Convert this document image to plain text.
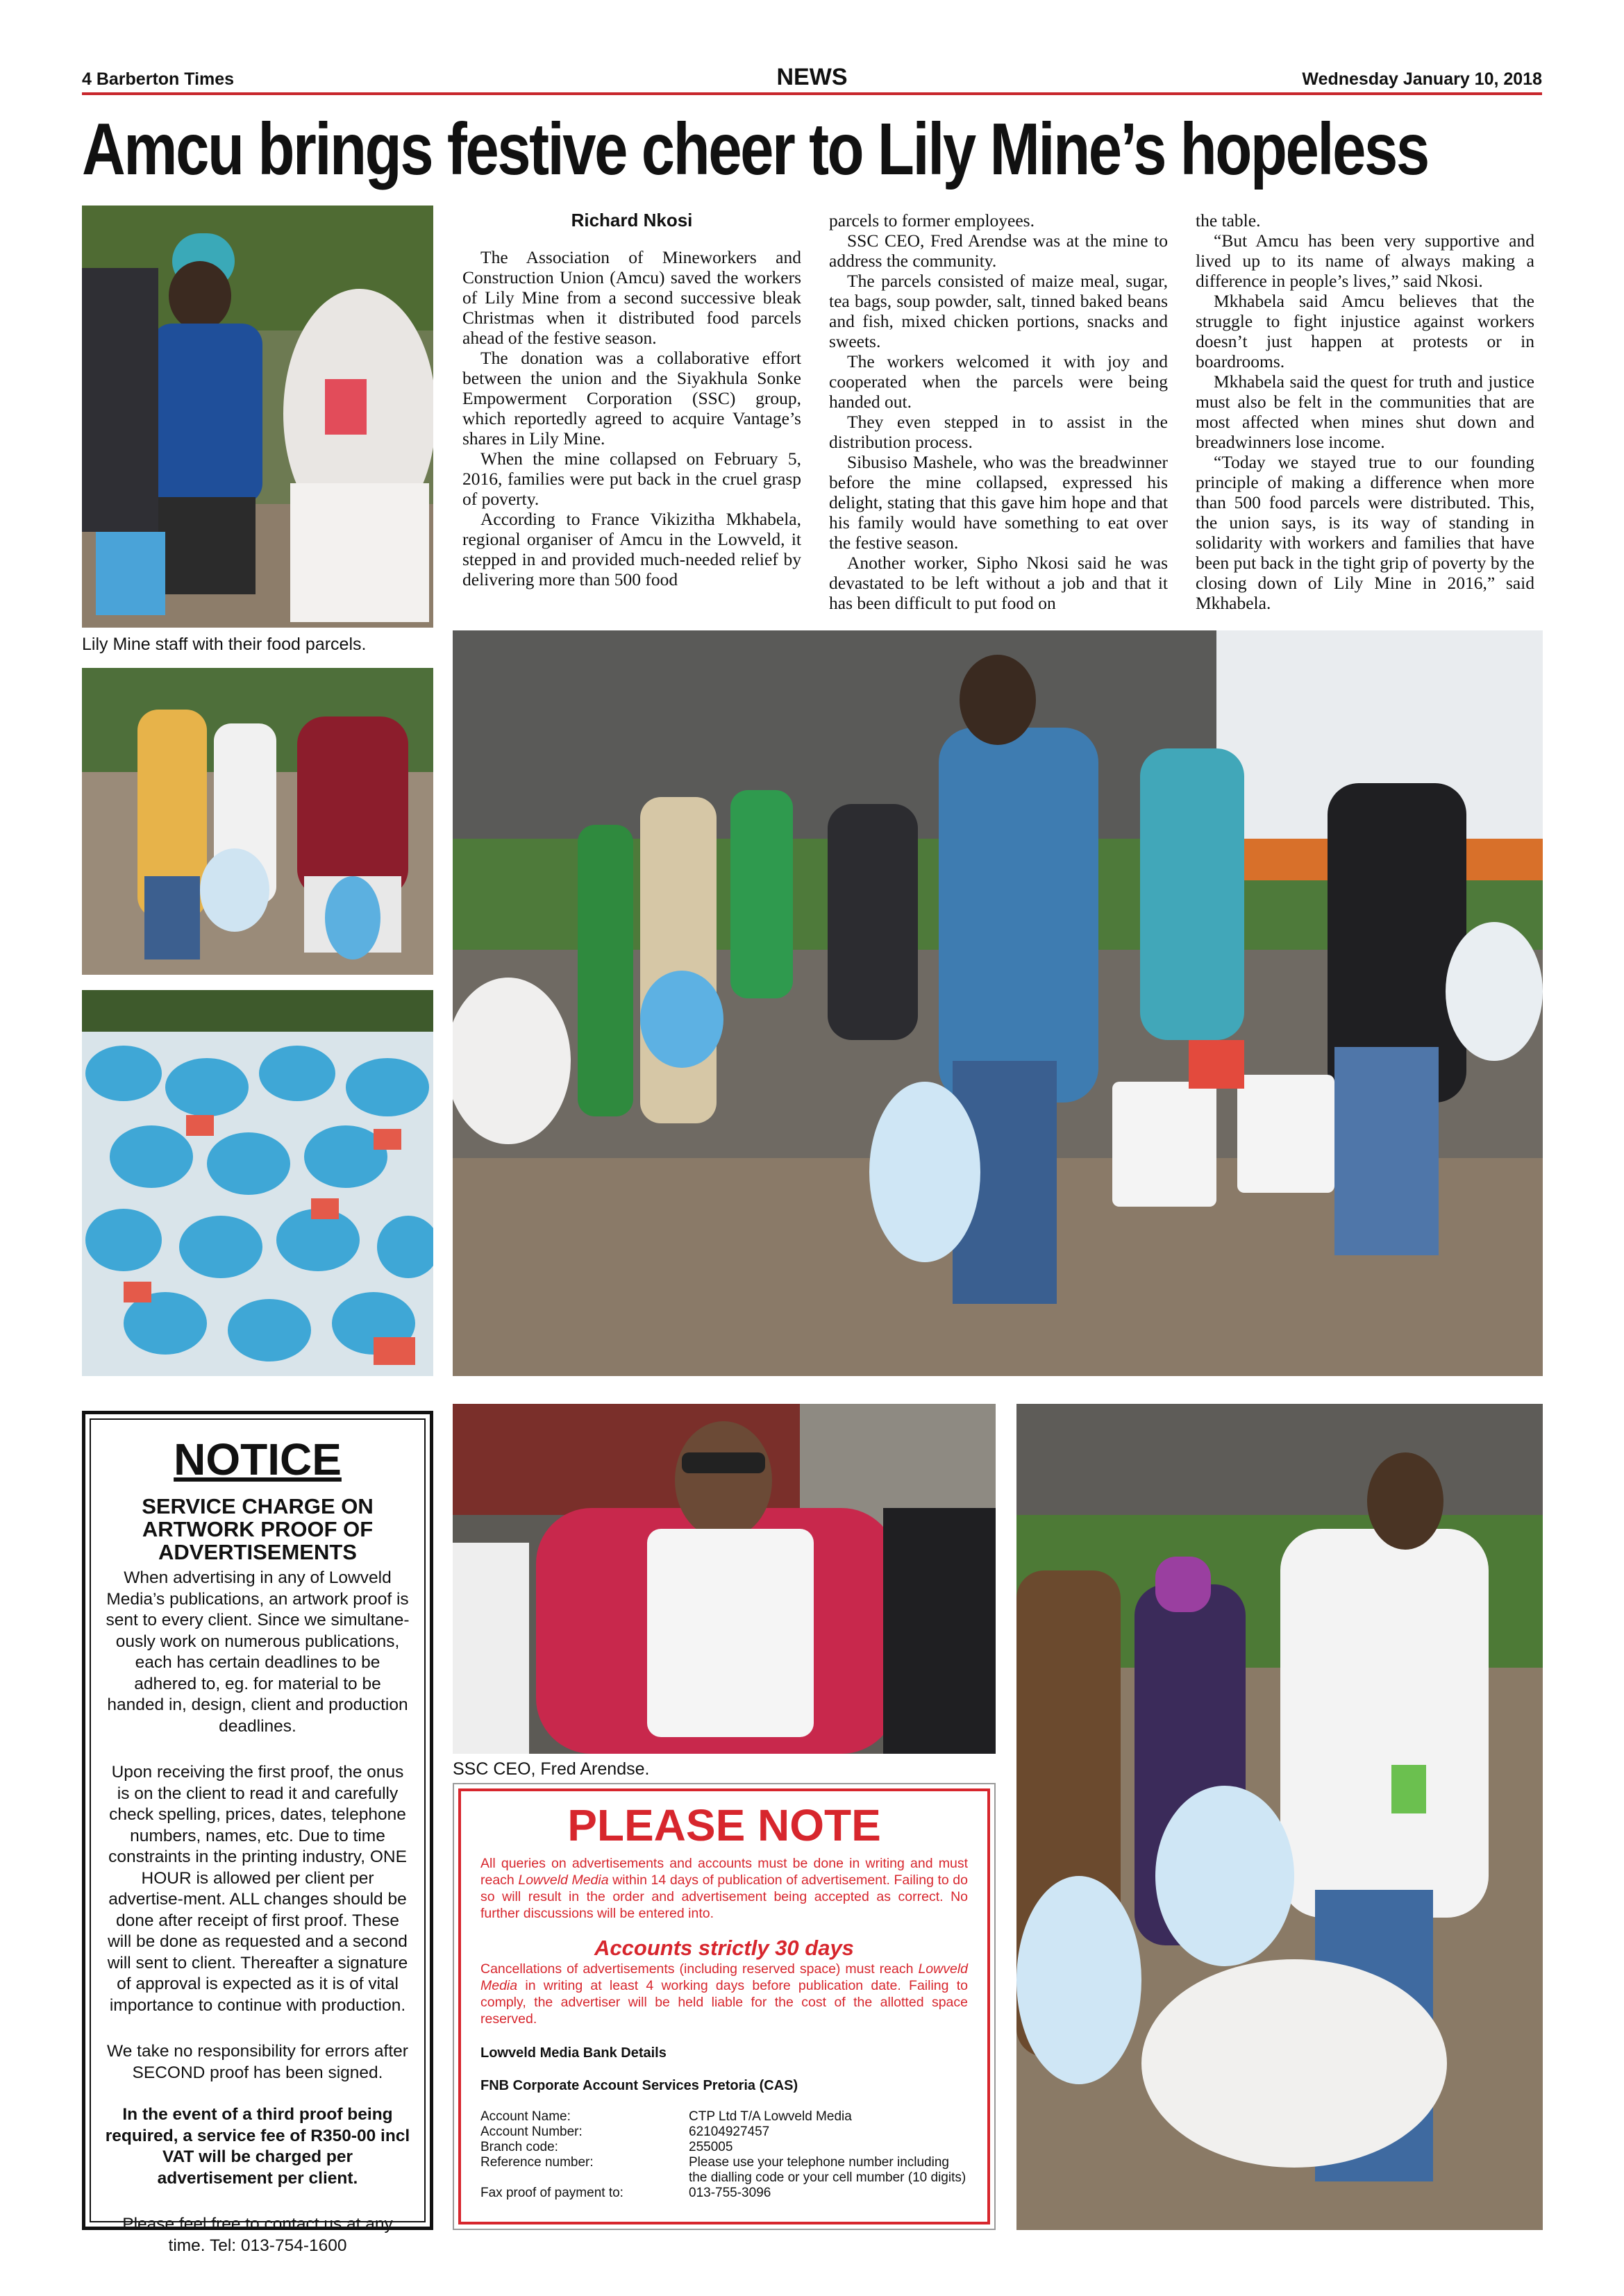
4 Barberton Times	NEWS	Wednesday January 10, 2018
Amcu brings festive cheer to Lily Mine’s hopeless
Lily Mine staff with their food parcels.
Richard Nkosi

The Association of Mineworkers and Construction Union (Amcu) saved the workers of Lily Mine from a second successive bleak Christmas when it distributed food parcels ahead of the festive season.

The donation was a collaborative effort between the union and the Siyakhula Sonke Empowerment Corporation (SSC) group, which reportedly agreed to acquire Vantage’s shares in Lily Mine.

When the mine collapsed on February 5, 2016, families were put back in the cruel grasp of poverty.

According to France Vikizitha Mkhabela, regional organiser of Amcu in the Lowveld, it stepped in and provided much-needed relief by delivering more than 500 food

parcels to former employees.

SSC CEO, Fred Arendse was at the mine to address the community.

The parcels consisted of maize meal, sugar, tea bags, soup powder, salt, tinned baked beans and fish, mixed chicken portions, snacks and sweets.

The workers welcomed it with joy and cooperated when the parcels were being handed out.

They even stepped in to assist in the distribution process.

Sibusiso Mashele, who was the breadwinner before the mine collapsed, expressed his delight, stating that this gave him hope and that his family would have something to eat over the festive season.

Another worker, Sipho Nkosi said he was devastated to be left without a job and that it has been difficult to put food on

the table.

“But Amcu has been very supportive and lived up to its name of always making a difference in people’s lives,” said Nkosi.

Mkhabela said Amcu believes that the struggle to fight injustice against workers doesn’t just happen at protests or in boardrooms.

Mkhabela said the quest for truth and justice must also be felt in the communities that are most affected when mines shut down and breadwinners lose income.

“Today we stayed true to our founding principle of making a difference when more than 500 food parcels were distributed. This, the union says, is its way of standing in solidarity with workers and families that have been put back in the tight grip of poverty by the closing down of Lily Mine in 2016,” said Mkhabela.

SSC CEO, Fred Arendse.
NOTICE
SERVICE CHARGE ON ARTWORK PROOF OF ADVERTISEMENTS
When advertising in any of Lowveld Media’s publications, an artwork proof is sent to every client. Since we simultane-ously work on numerous publications, each has certain deadlines to be adhered to, eg. for material to be handed in, design, client and production deadlines.
Upon receiving the first proof, the onus is on the client to read it and carefully check spelling, prices, dates, telephone numbers, names, etc. Due to time constraints in the printing industry, ONE HOUR is allowed per client per advertise-ment. ALL changes should be done after receipt of first proof. These will be done as requested and a second will sent to client. Thereafter a signature of approval is expected as it is of vital importance to continue with production.
We take no responsibility for errors after SECOND proof has been signed.
In the event of a third proof being required, a service fee of R350-00 incl VAT will be charged per advertisement per client.
Please feel free to contact us at any time. Tel: 013-754-1600
PLEASE NOTE
All queries on advertisements and accounts must be done in writing and must reach Lowveld Media within 14 days of publication of advertisement. Failing to do so will result in the order and advertisement being accepted as correct. No further discussions will be entered into.
Accounts strictly 30 days
Cancellations of advertisements (including reserved space) must reach Lowveld Media in writing at least 4 working days before publication date. Failing to comply, the advertiser will be held liable for the cost of the allotted space reserved.
Lowveld Media Bank Details
FNB Corporate Account Services Pretoria (CAS)
Account Name:	CTP Ltd T/A Lowveld Media
Account Number:	62104927457
Branch code:	255005
Reference number:	Please use your telephone number including the dialling code or your cell mumber (10 digits)
Fax proof of payment to:	013-755-3096
